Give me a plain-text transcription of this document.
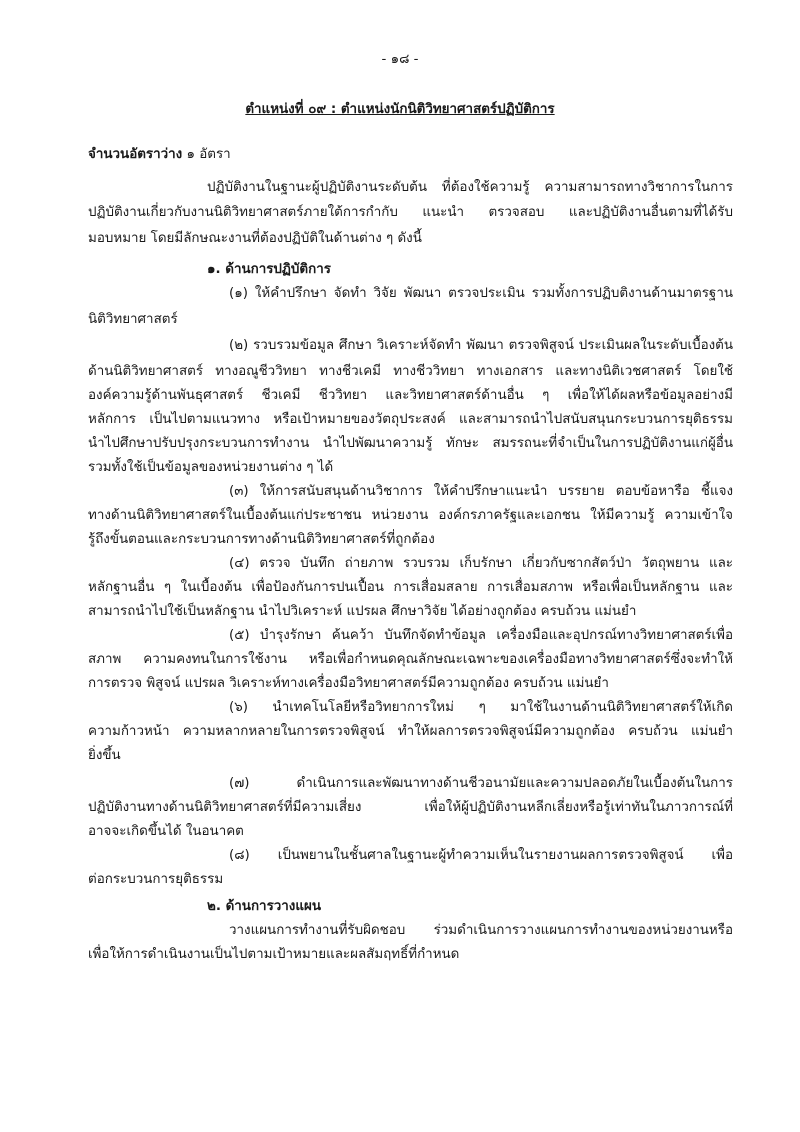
- ๑๘ -
ตำแหน่งที่ ๐๙ : ตำแหน่งนักนิติวิทยาศาสตร์ปฏิบัติการ
จำนวนอัตราว่าง ๑ อัตรา
ปฏิบัติงานในฐานะผู้ปฏิบัติงานระดับต้น ที่ต้องใช้ความรู้ ความสามารถทางวิชาการในการ
ปฏิบัติงานเกี่ยวกับงานนิติวิทยาศาสตร์ภายใต้การกำกับ แนะนำ ตรวจสอบ และปฏิบัติงานอื่นตามที่ได้รับ
มอบหมาย โดยมีลักษณะงานที่ต้องปฏิบัติในด้านต่าง ๆ ดังนี้
๑. ด้านการปฏิบัติการ
(๑) ให้คำปรึกษา จัดทำ วิจัย พัฒนา ตรวจประเมิน รวมทั้งการปฏิบติงานด้านมาตรฐาน
นิติวิทยาศาสตร์
(๒) รวบรวมข้อมูล ศึกษา วิเคราะห์จัดทำ พัฒนา ตรวจพิสูจน์ ประเมินผลในระดับเบื้องต้น
ด้านนิติวิทยาศาสตร์ ทางอณูชีววิทยา ทางชีวเคมี ทางชีววิทยา ทางเอกสาร และทางนิติเวชศาสตร์ โดยใช้
องค์ความรู้ด้านพันธุศาสตร์ ชีวเคมี ชีววิทยา และวิทยาศาสตร์ด้านอื่น ๆ เพื่อให้ได้ผลหรือข้อมูลอย่างมี
หลักการ เป็นไปตามแนวทาง หรือเป้าหมายของวัตถุประสงค์ และสามารถนำไปสนับสนุนกระบวนการยุติธรรม
นำไปศึกษาปรับปรุงกระบวนการทำงาน นำไปพัฒนาความรู้ ทักษะ สมรรถนะที่จำเป็นในการปฏิบัติงานแก่ผู้อื่น
รวมทั้งใช้เป็นข้อมูลของหน่วยงานต่าง ๆ ได้
(๓) ให้การสนับสนุนด้านวิชาการ ให้คำปรึกษาแนะนำ บรรยาย ตอบข้อหารือ ชี้แจง
ทางด้านนิติวิทยาศาสตร์ในเบื้องต้นแก่ประชาชน หน่วยงาน องค์กรภาครัฐและเอกชน ให้มีความรู้ ความเข้าใจ
รู้ถึงขั้นตอนและกระบวนการทางด้านนิติวิทยาศาสตร์ที่ถูกต้อง
(๔) ตรวจ บันทึก ถ่ายภาพ รวบรวม เก็บรักษา เกี่ยวกับซากสัตว์ป่า วัตถุพยาน และ
หลักฐานอื่น ๆ ในเบื้องต้น เพื่อป้องกันการปนเปื้อน การเสื่อมสลาย การเสื่อมสภาพ หรือเพื่อเป็นหลักฐาน และ
สามารถนำไปใช้เป็นหลักฐาน นำไปวิเคราะห์ แปรผล ศึกษาวิจัย ได้อย่างถูกต้อง ครบถ้วน แม่นยำ
(๕) บำรุงรักษา ค้นคว้า บันทึกจัดทำข้อมูล เครื่องมือและอุปกรณ์ทางวิทยาศาสตร์เพื่อ
สภาพ ความคงทนในการใช้งาน หรือเพื่อกำหนดคุณลักษณะเฉพาะของเครื่องมือทางวิทยาศาสตร์ซึ่งจะทำให้
การตรวจ พิสูจน์ แปรผล วิเคราะห์ทางเครื่องมือวิทยาศาสตร์มีความถูกต้อง ครบถ้วน แม่นยำ
(๖) นำเทคโนโลยีหรือวิทยาการใหม่ ๆ มาใช้ในงานด้านนิติวิทยาศาสตร์ให้เกิด
ความก้าวหน้า ความหลากหลายในการตรวจพิสูจน์ ทำให้ผลการตรวจพิสูจน์มีความถูกต้อง ครบถ้วน แม่นยำ
ยิ่งขึ้น
(๗) ดำเนินการและพัฒนาทางด้านชีวอนามัยและความปลอดภัยในเบื้องต้นในการ
ปฏิบัติงานทางด้านนิติวิทยาศาสตร์ที่มีความเสี่ยง เพื่อให้ผู้ปฏิบัติงานหลีกเลี่ยงหรือรู้เท่าทันในภาวการณ์ที่
อาจจะเกิดขึ้นได้ ในอนาคต
(๘) เป็นพยานในชั้นศาลในฐานะผู้ทำความเห็นในรายงานผลการตรวจพิสูจน์ เพื่อ
ต่อกระบวนการยุติธรรม
๒. ด้านการวางแผน
วางแผนการทำงานที่รับผิดชอบ ร่วมดำเนินการวางแผนการทำงานของหน่วยงานหรือ
เพื่อให้การดำเนินงานเป็นไปตามเป้าหมายและผลสัมฤทธิ์ที่กำหนด
